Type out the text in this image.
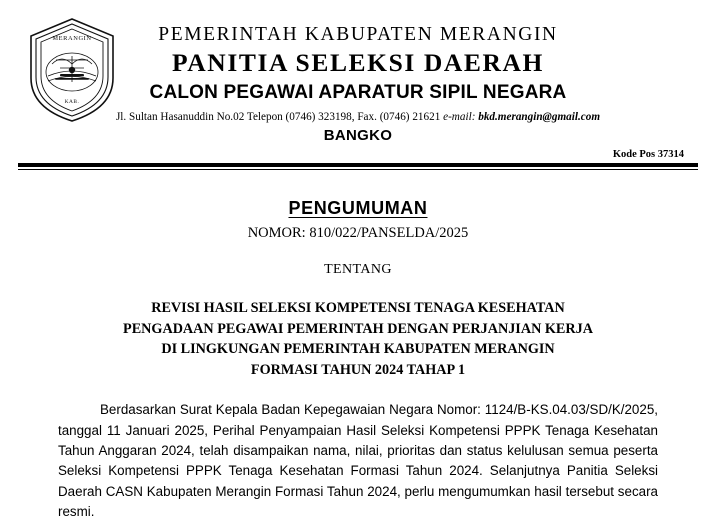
MERANGIN
KAB.
PEMERINTAH KABUPATEN MERANGIN
PANITIA SELEKSI DAERAH
CALON PEGAWAI APARATUR SIPIL NEGARA
Jl. Sultan Hasanuddin No.02 Telepon (0746) 323198, Fax. (0746) 21621 e-mail: bkd.merangin@gmail.com
BANGKO
Kode Pos 37314
PENGUMUMAN
NOMOR: 810/022/PANSELDA/2025
TENTANG
REVISI HASIL SELEKSI KOMPETENSI TENAGA KESEHATAN
PENGADAAN PEGAWAI PEMERINTAH DENGAN PERJANJIAN KERJA
DI LINGKUNGAN PEMERINTAH KABUPATEN MERANGIN
FORMASI TAHUN 2024 TAHAP 1
Berdasarkan Surat Kepala Badan Kepegawaian Negara Nomor: 1124/B-KS.04.03/SD/K/2025, tanggal 11 Januari 2025, Perihal Penyampaian Hasil Seleksi Kompetensi PPPK Tenaga Kesehatan Tahun Anggaran 2024, telah disampaikan nama, nilai, prioritas dan status kelulusan semua peserta Seleksi Kompetensi PPPK Tenaga Kesehatan Formasi Tahun 2024. Selanjutnya Panitia Seleksi Daerah CASN Kabupaten Merangin Formasi Tahun 2024, perlu mengumumkan hasil tersebut secara resmi.
